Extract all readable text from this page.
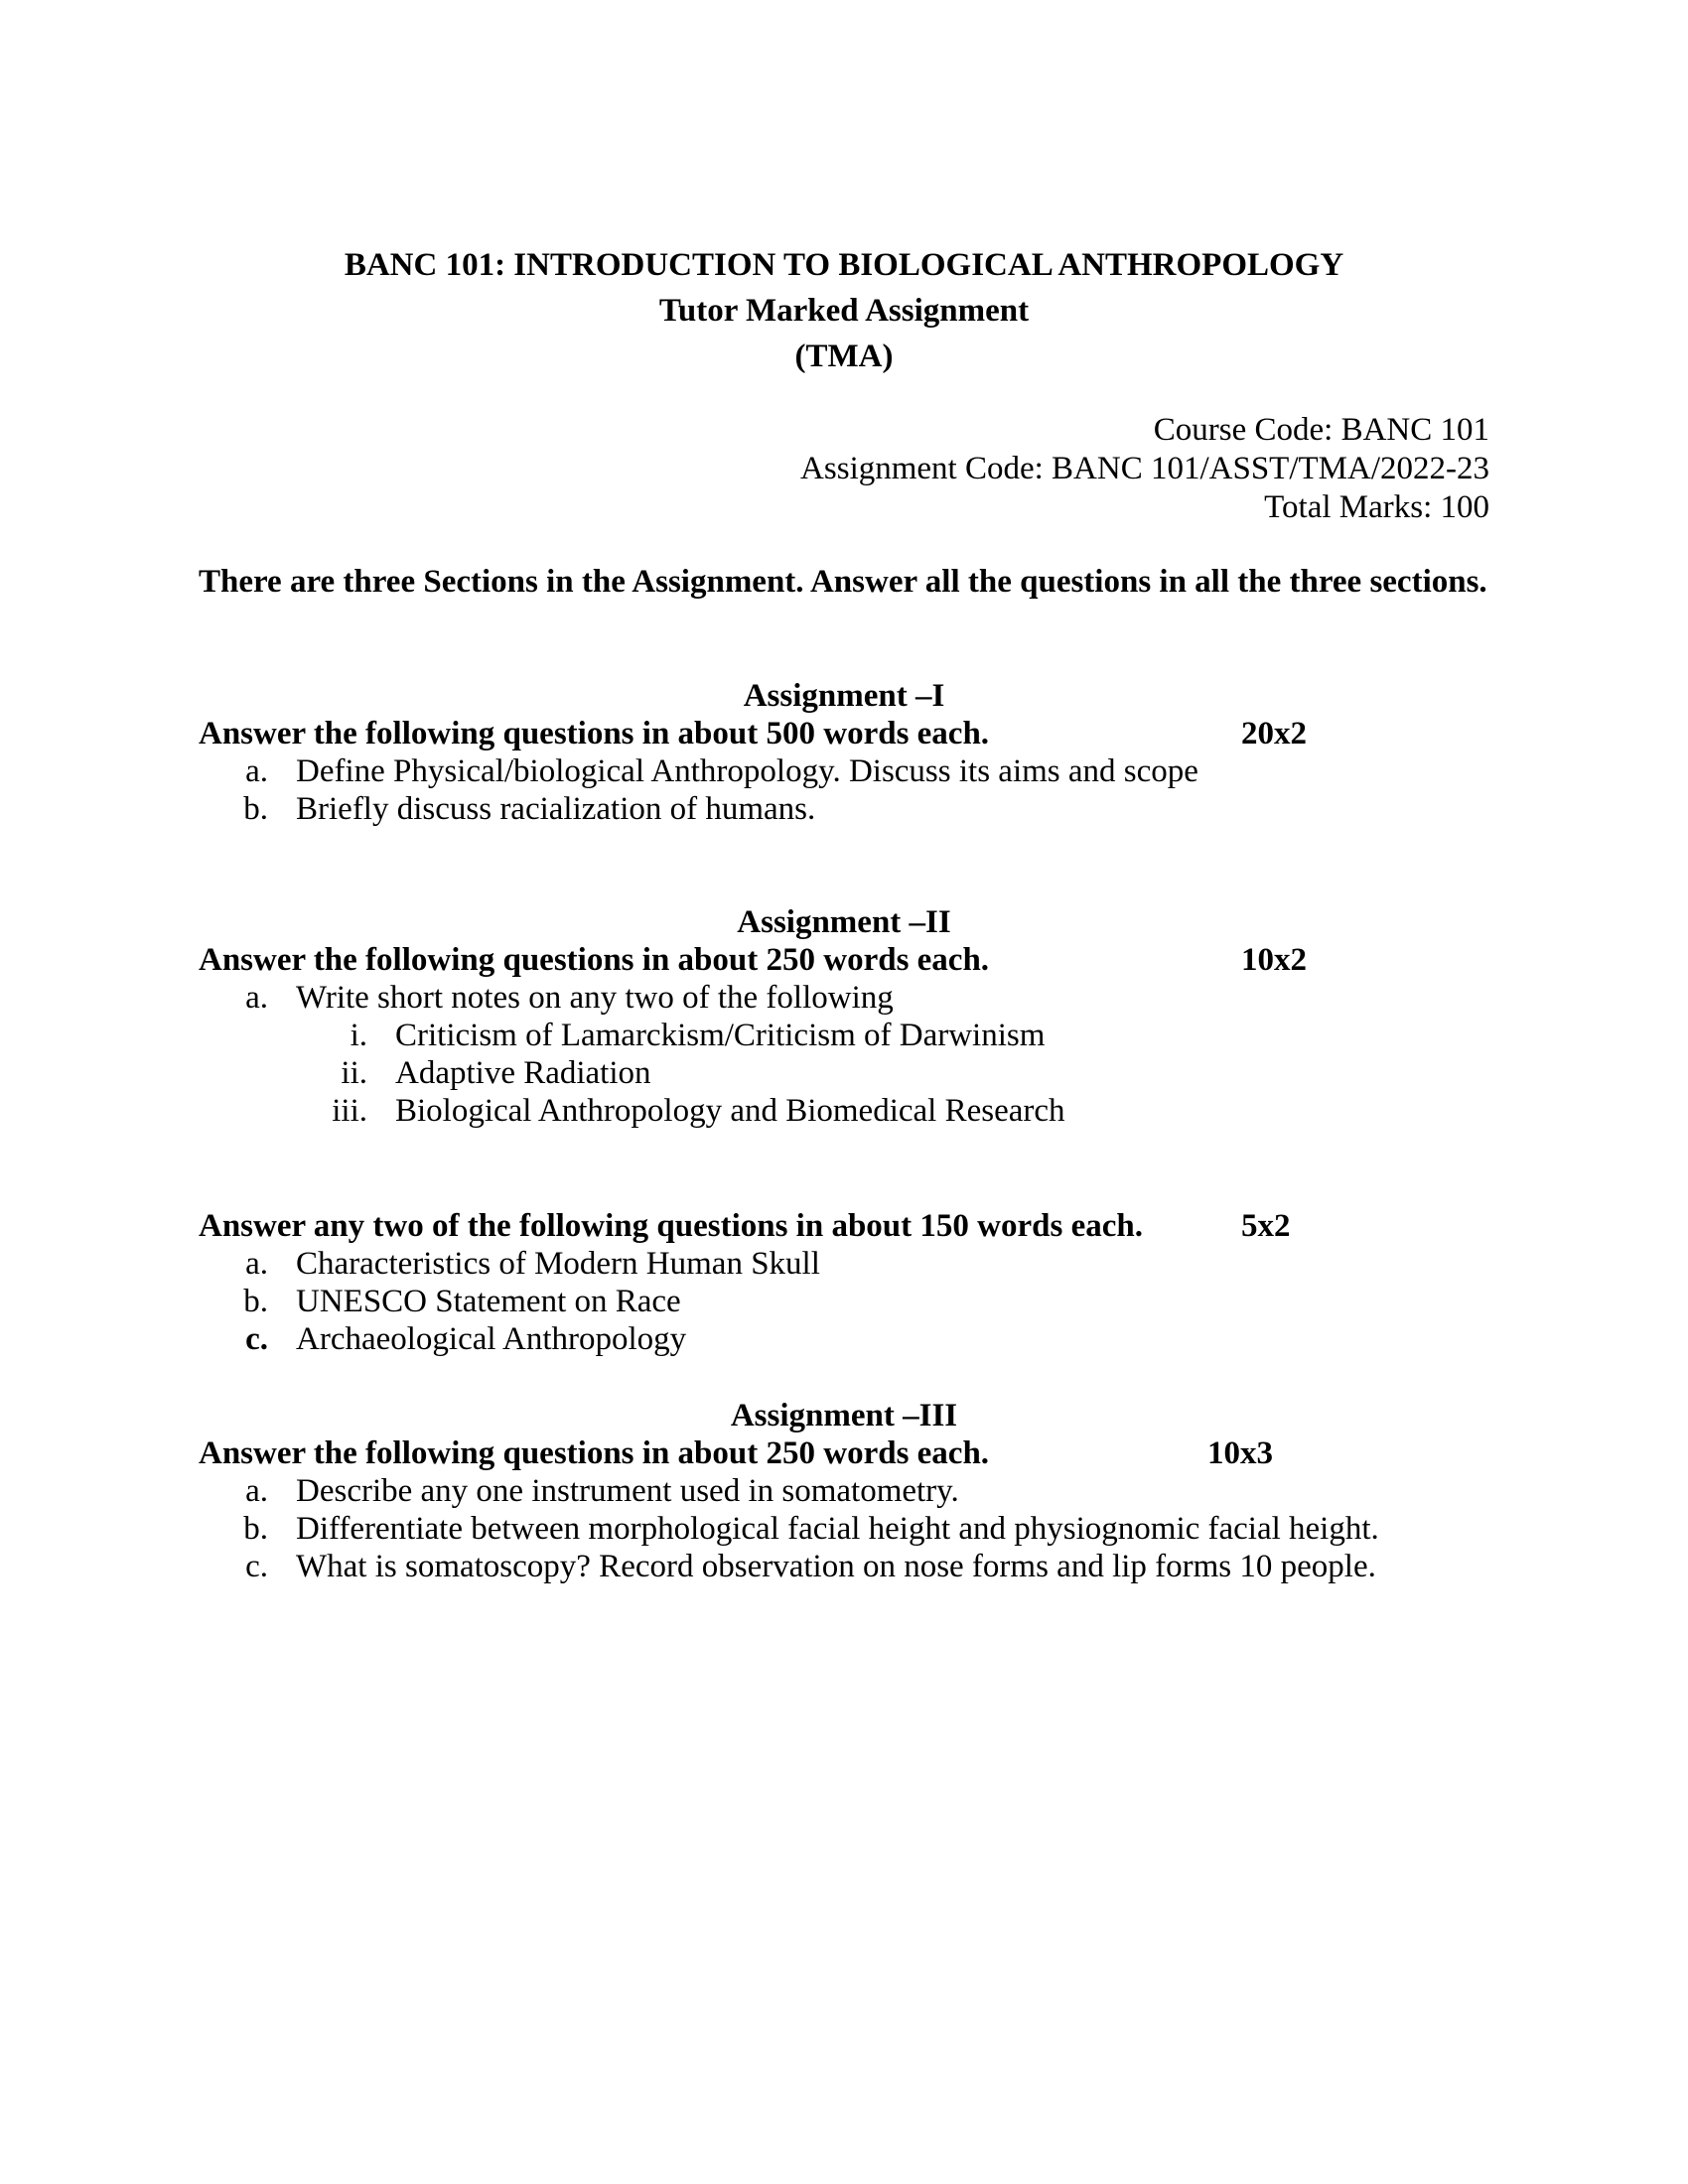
BANC 101: INTRODUCTION TO BIOLOGICAL ANTHROPOLOGY
Tutor Marked Assignment
(TMA)
Course Code: BANC 101
Assignment Code: BANC 101/ASST/TMA/2022-23
Total Marks: 100
There are three Sections in the Assignment. Answer all the questions in all the three sections.
Assignment –I
Answer the following questions in about 500 words each.	20x2
a. Define Physical/biological Anthropology. Discuss its aims and scope
b. Briefly discuss racialization of humans.
Assignment –II
Answer the following questions in about 250 words each.	10x2
a. Write short notes on any two of the following
i. Criticism of Lamarckism/Criticism of Darwinism
ii. Adaptive Radiation
iii. Biological Anthropology and Biomedical Research
Answer any two of the following questions in about 150 words each.	5x2
a. Characteristics of Modern Human Skull
b. UNESCO Statement on Race
c. Archaeological Anthropology
Assignment –III
Answer the following questions in about 250 words each.	10x3
a. Describe any one instrument used in somatometry.
b. Differentiate between morphological facial height and physiognomic facial height.
c. What is somatoscopy? Record observation on nose forms and lip forms 10 people.
